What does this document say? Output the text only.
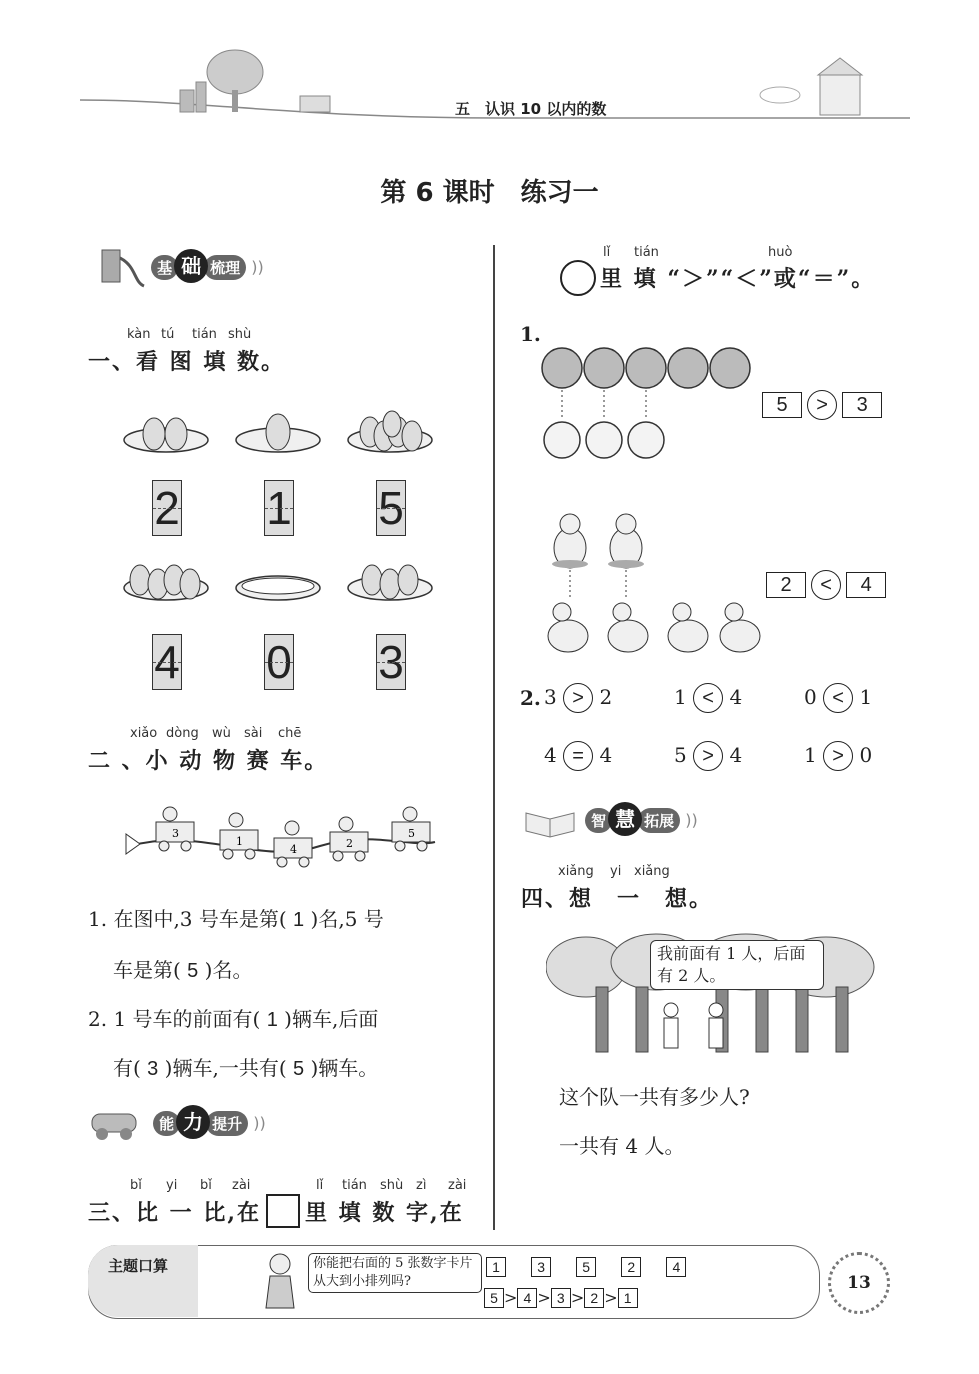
五　认识 10 以内的数
第 6 课时　练习一
基 础 梳理 ))
kàn tú tián shù
一、看 图 填 数。
2 1 5
4 0 3
xiǎo dòng wù sài chē
二 、小 动 物 赛 车。
3
1
4	2
5
1. 在图中,3 号车是第( 1 )名,5 号
车是第( 5 )名。
2. 1 号车的前面有( 1 )辆车,后面
有( 3 )辆车,一共有( 5 )辆车。
能 力 提升 ))
bǐ yi bǐ zài	lǐ tián shù zì zài
三、比 一 比,在 里 填 数 字,在
lǐ tián	huò
里 填 “＞”“＜”或“＝”。
1.
5 > 3
2 < 4
2. 3 > 2	1 < 4	0 < 1
4 = 4	5 > 4	1 > 0
智 慧 拓展 ))
xiǎng yi xiǎng
四、想　一　想。
我前面有 1 人，后面有 2 人。
这个队一共有多少人?
一共有 4 人。
主题口算	你能把右面的 5 张数字卡片从大到小排列吗?
1	3	5	2	4
5 > 4 > 3 > 2 > 1
13
